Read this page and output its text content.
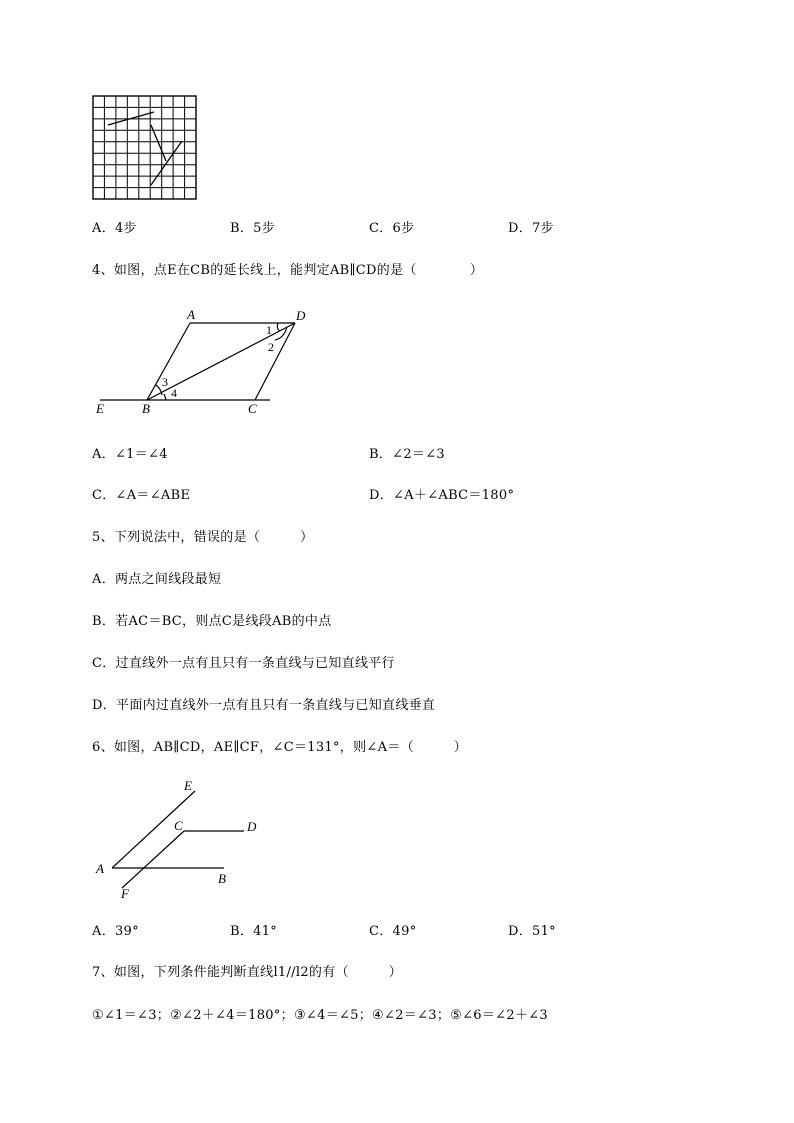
A．4步	B．5步	C．6步	D．7步
4、如图，点E在CB的延长线上，能判定AB∥CD的是（　　　　）
A	D
E	B	C
1
2
3
4
A．∠1＝∠4	B．∠2＝∠3
C．∠A＝∠ABE	D．∠A＋∠ABC＝180°
5、下列说法中，错误的是（　　　）
A．两点之间线段最短
B．若AC＝BC，则点C是线段AB的中点
C．过直线外一点有且只有一条直线与已知直线平行
D．平面内过直线外一点有且只有一条直线与已知直线垂直
6、如图，AB∥CD，AE∥CF，∠C＝131°，则∠A＝（　　　）
E
C	D
A
B
F
A．39°	B．41°	C．49°	D．51°
7、如图，下列条件能判断直线l1//l2的有（　　　）
①∠1＝∠3；②∠2＋∠4＝180°；③∠4＝∠5；④∠2＝∠3；⑤∠6＝∠2＋∠3
